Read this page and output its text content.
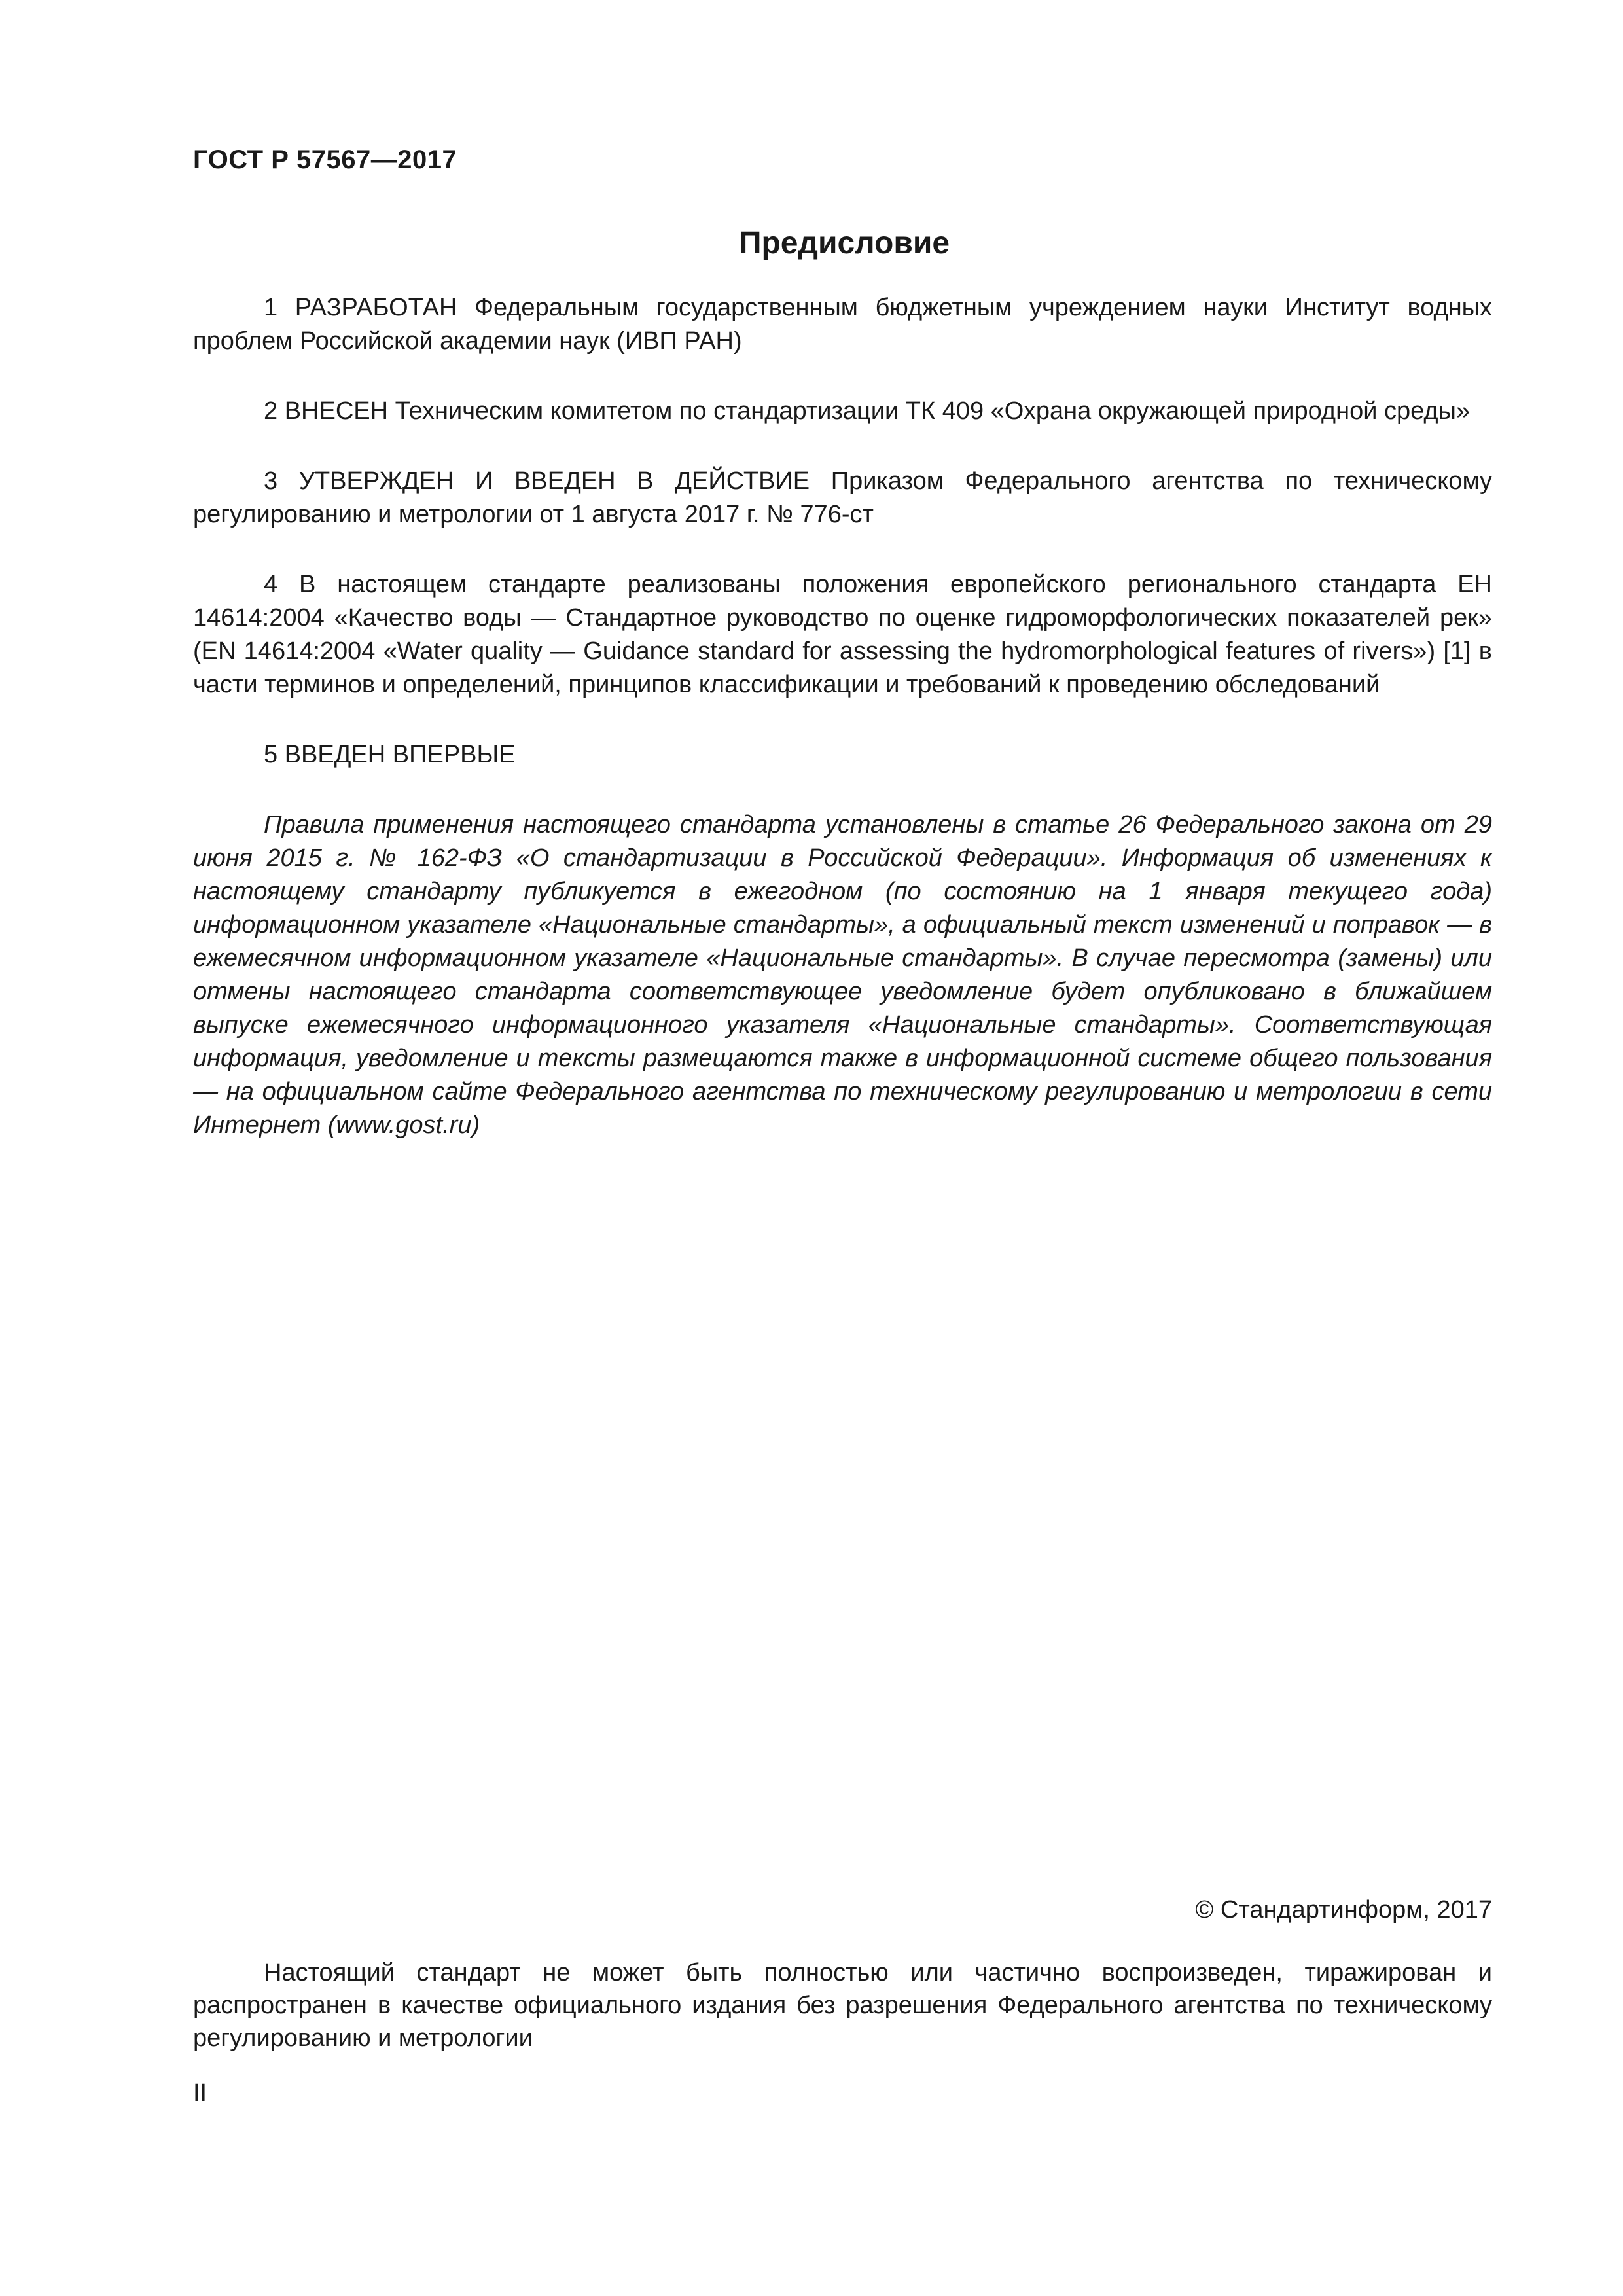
ГОСТ Р 57567—2017
Предисловие

1 РАЗРАБОТАН Федеральным государственным бюджетным учреждением науки Институт водных проблем Российской академии наук (ИВП РАН)

2 ВНЕСЕН Техническим комитетом по стандартизации ТК 409 «Охрана окружающей природной среды»

3 УТВЕРЖДЕН И ВВЕДЕН В ДЕЙСТВИЕ Приказом Федерального агентства по техническому регулированию и метрологии от 1 августа 2017 г. № 776-ст

4 В настоящем стандарте реализованы положения европейского регионального стандарта ЕН 14614:2004 «Качество воды — Стандартное руководство по оценке гидроморфологических показателей рек» (EN 14614:2004 «Water quality — Guidance standard for assessing the hydromorphological features of rivers») [1] в части терминов и определений, принципов классификации и требований к проведению обследований

5 ВВЕДЕН ВПЕРВЫЕ

Правила применения настоящего стандарта установлены в статье 26 Федерального закона от 29 июня 2015 г. № 162-ФЗ «О стандартизации в Российской Федерации». Информация об изменениях к настоящему стандарту публикуется в ежегодном (по состоянию на 1 января текущего года) информационном указателе «Национальные стандарты», а официальный текст изменений и поправок — в ежемесячном информационном указателе «Национальные стандарты». В случае пересмотра (замены) или отмены настоящего стандарта соответствующее уведомление будет опубликовано в ближайшем выпуске ежемесячного информационного указателя «Национальные стандарты». Соответствующая информация, уведомление и тексты размещаются также в информационной системе общего пользования — на официальном сайте Федерального агентства по техническому регулированию и метрологии в сети Интернет (www.gost.ru)

© Стандартинформ, 2017
Настоящий стандарт не может быть полностью или частично воспроизведен, тиражирован и распространен в качестве официального издания без разрешения Федерального агентства по техническому регулированию и метрологии
II
